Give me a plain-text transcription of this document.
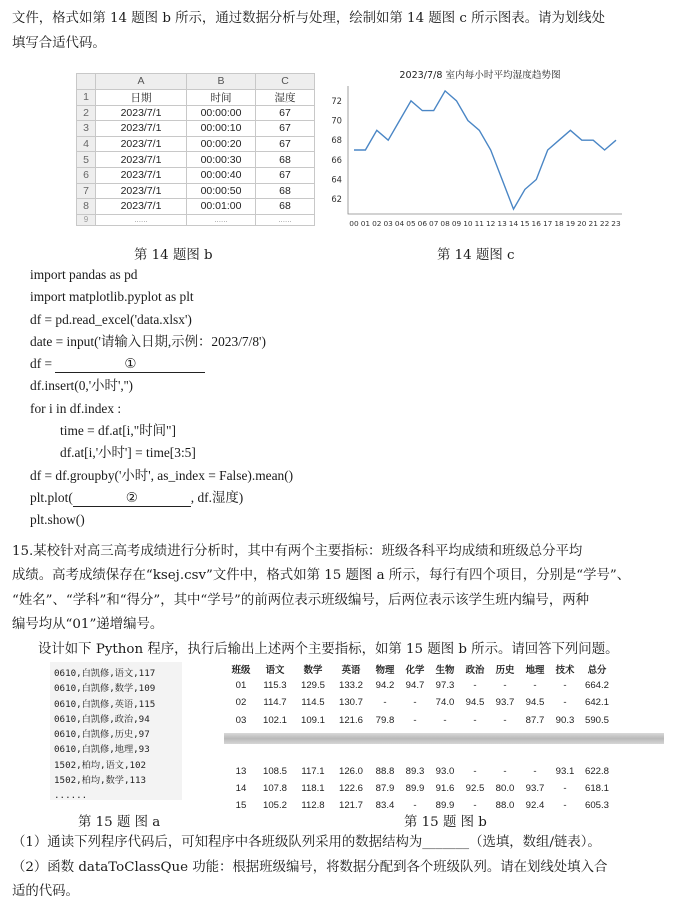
文件，格式如第 14 题图 b 所示，通过数据分析与处理，绘制如第 14 题图 c 所示图表。请为划线处
填写合适代码。
	A	B	C
1	日期	时间	湿度
2	2023/7/1	00:00:00	67
3	2023/7/1	00:00:10	67
4	2023/7/1	00:00:20	67
5	2023/7/1	00:00:30	68
6	2023/7/1	00:00:40	67
7	2023/7/1	00:00:50	68
8	2023/7/1	00:01:00	68
9	......	......	......
2023/7/8 室内每小时平均湿度趋势图
62
64
66
68
70
72
00 01 02 03 04 05 06 07 08 09 10 11 12 13 14 15 16 17 18 19 20 21 22 23
第 14 题图 b	第 14 题图 c
import pandas as pd
import matplotlib.pyplot as plt
df = pd.read_excel('data.xlsx')
date = input('请输入日期,示例：2023/7/8')
df =	①
df.insert(0,'小时','')
for i in df.index :
time = df.at[i,"时间"]
df.at[i,'小时'] = time[3:5]
df = df.groupby('小时', as_index = False).mean()
plt.plot(	②	, df.湿度)
plt.show()
15.某校针对高三高考成绩进行分析时，其中有两个主要指标：班级各科平均成绩和班级总分平均
成绩。高考成绩保存在“ksej.csv”文件中，格式如第 15 题图 a 所示，每行有四个项目，分别是“学号”、
“姓名”、“学科”和“得分”，其中“学号”的前两位表示班级编号，后两位表示该学生班内编号，两种
编号均从“01”递增编号。
设计如下 Python 程序，执行后输出上述两个主要指标，如第 15 题图 b 所示。请回答下列问题。
0610,白凯修,语文,117
0610,白凯修,数学,109
0610,白凯修,英语,115
0610,白凯修,政治,94
0610,白凯修,历史,97
0610,白凯修,地理,93
1502,柏均,语文,102
1502,柏均,数学,113
......
班级	语文	数学	英语	物理	化学	生物	政治	历史	地理	技术	总分
01	115.3	129.5	133.2	94.2	94.7	97.3	-	-	-	-	664.2
02	114.7	114.5	130.7	-	-	74.0	94.5	93.7	94.5	-	642.1
03	102.1	109.1	121.6	79.8	-	-	-	-	87.7	90.3	590.5

13	108.5	117.1	126.0	88.8	89.3	93.0	-	-	-	93.1	622.8
14	107.8	118.1	122.6	87.9	89.9	91.6	92.5	80.0	93.7	-	618.1
15	105.2	112.8	121.7	83.4	-	89.9	-	88.0	92.4	-	605.3
第 15 题 图 a	第 15 题 图 b
（1）通读下列程序代码后，可知程序中各班级队列采用的数据结构为_______（选填，数组/链表）。
（2）函数 dataToClassQue 功能：根据班级编号，将数据分配到各个班级队列。请在划线处填入合
适的代码。
